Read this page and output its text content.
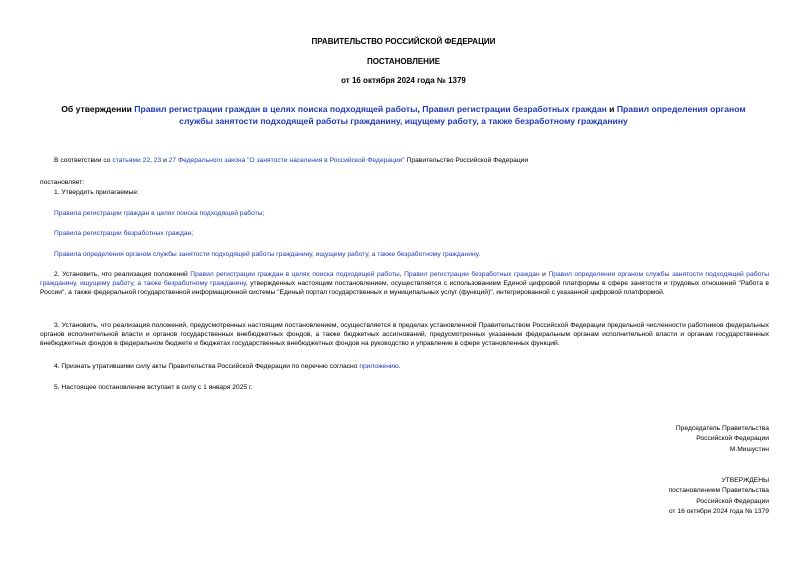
ПРАВИТЕЛЬСТВО РОССИЙСКОЙ ФЕДЕРАЦИИ
ПОСТАНОВЛЕНИЕ
от 16 октября 2024 года № 1379
Об утверждении Правил регистрации граждан в целях поиска подходящей работы, Правил регистрации безработных граждан и Правил определения органом службы занятости подходящей работы гражданину, ищущему работу, а также безработному гражданину
В соответствии со статьями 22, 23 и 27 Федерального закона "О занятости населения в Российской Федерации" Правительство Российской Федерации
постановляет:
1. Утвердить прилагаемые:
Правила регистрации граждан в целях поиска подходящей работы;
Правила регистрации безработных граждан;
Правила определения органом службы занятости подходящей работы гражданину, ищущему работу, а также безработному гражданину.
2. Установить, что реализация положений Правил регистрации граждан в целях поиска подходящей работы, Правил регистрации безработных граждан и Правил определения органом службы занятости подходящей работы гражданину, ищущему работу, а также безработному гражданину, утвержденных настоящим постановлением, осуществляется с использованием Единой цифровой платформы в сфере занятости и трудовых отношений "Работа в России", а также федеральной государственной информационной системы "Единый портал государственных и муниципальных услуг (функций)", интегрированной с указанной цифровой платформой.
3. Установить, что реализация положений, предусмотренных настоящим постановлением, осуществляется в пределах установленной Правительством Российской Федерации предельной численности работников федеральных органов исполнительной власти и органов государственных внебюджетных фондов, а также бюджетных ассигнований, предусмотренных указанным федеральным органам исполнительной власти и органам государственных внебюджетных фондов в федеральном бюджете и бюджетах государственных внебюджетных фондов на руководство и управление в сфере установленных функций.
4. Признать утратившими силу акты Правительства Российской Федерации по перечню согласно приложению.
5. Настоящее постановление вступает в силу с 1 января 2025 г.
Председатель Правительства
Российской Федерации
М.Мишустин
УТВЕРЖДЕНЫ
постановлением Правительства
Российской Федерации
от 16 октября 2024 года № 1379
